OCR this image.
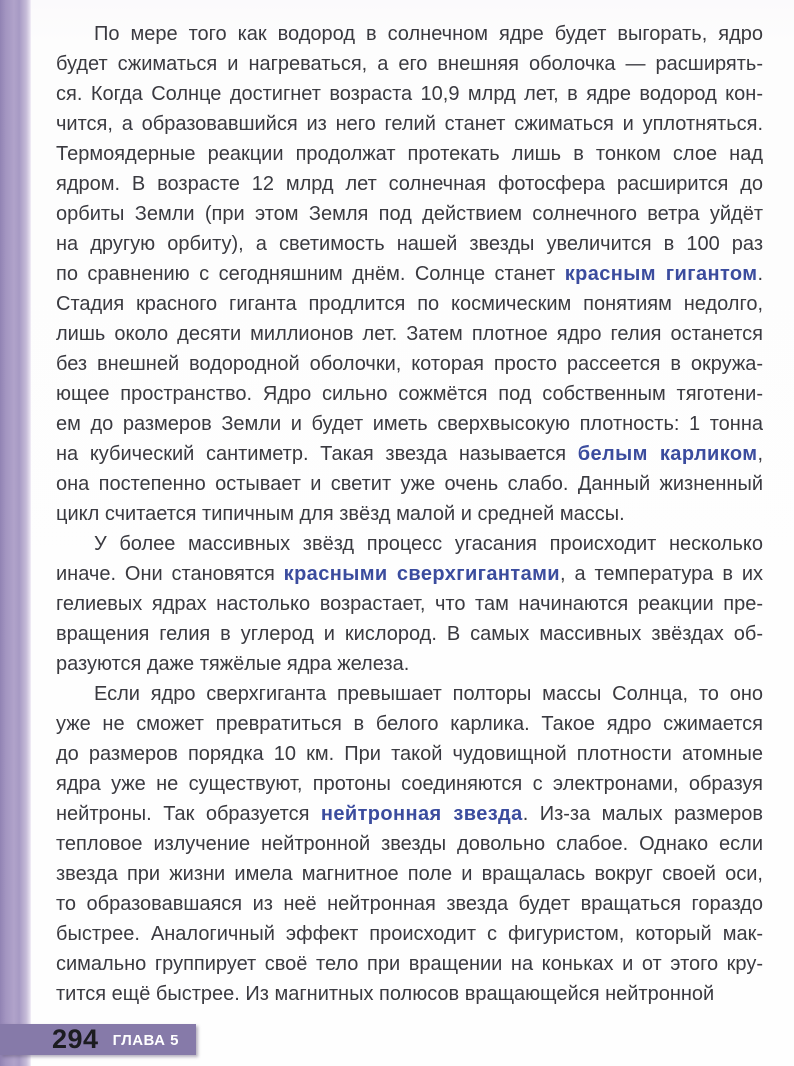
По мере того как водород в солнечном ядре будет выгорать, ядро
будет сжиматься и нагреваться, а его внешняя оболочка — расширять-
ся. Когда Солнце достигнет возраста 10,9 млрд лет, в ядре водород кон-
чится, а образовавшийся из него гелий станет сжиматься и уплотняться.
Термоядерные реакции продолжат протекать лишь в тонком слое над
ядром. В возрасте 12 млрд лет солнечная фотосфера расширится до
орбиты Земли (при этом Земля под действием солнечного ветра уйдёт
на другую орбиту), а светимость нашей звезды увеличится в 100 раз
по сравнению с сегодняшним днём. Солнце станет красным гигантом.
Стадия красного гиганта продлится по космическим понятиям недолго,
лишь около десяти миллионов лет. Затем плотное ядро гелия останется
без внешней водородной оболочки, которая просто рассеется в окружа-
ющее пространство. Ядро сильно сожмётся под собственным тяготени-
ем до размеров Земли и будет иметь сверхвысокую плотность: 1 тонна
на кубический сантиметр. Такая звезда называется белым карликом,
она постепенно остывает и светит уже очень слабо. Данный жизненный
цикл считается типичным для звёзд малой и средней массы.
У более массивных звёзд процесс угасания происходит несколько
иначе. Они становятся красными сверхгигантами, а температура в их
гелиевых ядрах настолько возрастает, что там начинаются реакции пре-
вращения гелия в углерод и кислород. В самых массивных звёздах об-
разуются даже тяжёлые ядра железа.
Если ядро сверхгиганта превышает полторы массы Солнца, то оно
уже не сможет превратиться в белого карлика. Такое ядро сжимается
до размеров порядка 10 км. При такой чудовищной плотности атомные
ядра уже не существуют, протоны соединяются с электронами, образуя
нейтроны. Так образуется нейтронная звезда. Из-за малых размеров
тепловое излучение нейтронной звезды довольно слабое. Однако если
звезда при жизни имела магнитное поле и вращалась вокруг своей оси,
то образовавшаяся из неё нейтронная звезда будет вращаться гораздо
быстрее. Аналогичный эффект происходит с фигуристом, который мак-
симально группирует своё тело при вращении на коньках и от этого кру-
тится ещё быстрее. Из магнитных полюсов вращающейся нейтронной
294 ГЛАВА 5
